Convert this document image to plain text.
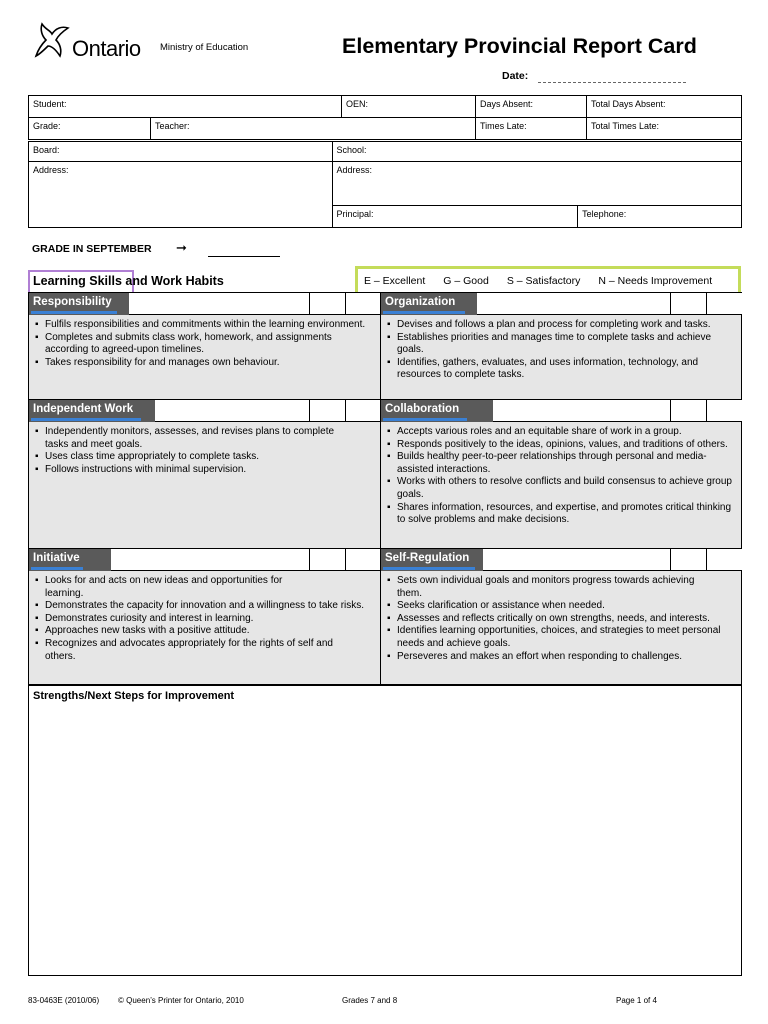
Ontario Ministry of Education	Elementary Provincial Report Card
Date:
Student:		OEN:	Days Absent:	Total Days Absent:
Grade:	Teacher:		Times Late:	Total Times Late:
Board:	School:	
Address:	Address:	
	Principal:	Telephone:
GRADE IN SEPTEMBER ➞
Learning Skills and Work Habits	E – Excellent G – Good S – Satisfactory N – Needs Improvement
Responsibility
▪ Fulfils responsibilities and commitments within the learning environment.
▪ Completes and submits class work, homework, and assignments according to agreed-upon timelines.
▪ Takes responsibility for and manages own behaviour.
Organization
▪ Devises and follows a plan and process for completing work and tasks.
▪ Establishes priorities and manages time to complete tasks and achieve goals.
▪ Identifies, gathers, evaluates, and uses information, technology, and resources to complete tasks.
Independent Work
▪ Independently monitors, assesses, and revises plans to complete tasks and meet goals.
▪ Uses class time appropriately to complete tasks.
▪ Follows instructions with minimal supervision.
Collaboration
▪ Accepts various roles and an equitable share of work in a group.
▪ Responds positively to the ideas, opinions, values, and traditions of others.
▪ Builds healthy peer-to-peer relationships through personal and media-assisted interactions.
▪ Works with others to resolve conflicts and build consensus to achieve group goals.
▪ Shares information, resources, and expertise, and promotes critical thinking to solve problems and make decisions.
Initiative
▪ Looks for and acts on new ideas and opportunities for learning.
▪ Demonstrates the capacity for innovation and a willingness to take risks.
▪ Demonstrates curiosity and interest in learning.
▪ Approaches new tasks with a positive attitude.
▪ Recognizes and advocates appropriately for the rights of self and others.
Self-Regulation
▪ Sets own individual goals and monitors progress towards achieving them.
▪ Seeks clarification or assistance when needed.
▪ Assesses and reflects critically on own strengths, needs, and interests.
▪ Identifies learning opportunities, choices, and strategies to meet personal needs and achieve goals.
▪ Perseveres and makes an effort when responding to challenges.
Strengths/Next Steps for Improvement
83-0463E (2010/06) © Queen’s Printer for Ontario, 2010	Grades 7 and 8	Page 1 of 4
